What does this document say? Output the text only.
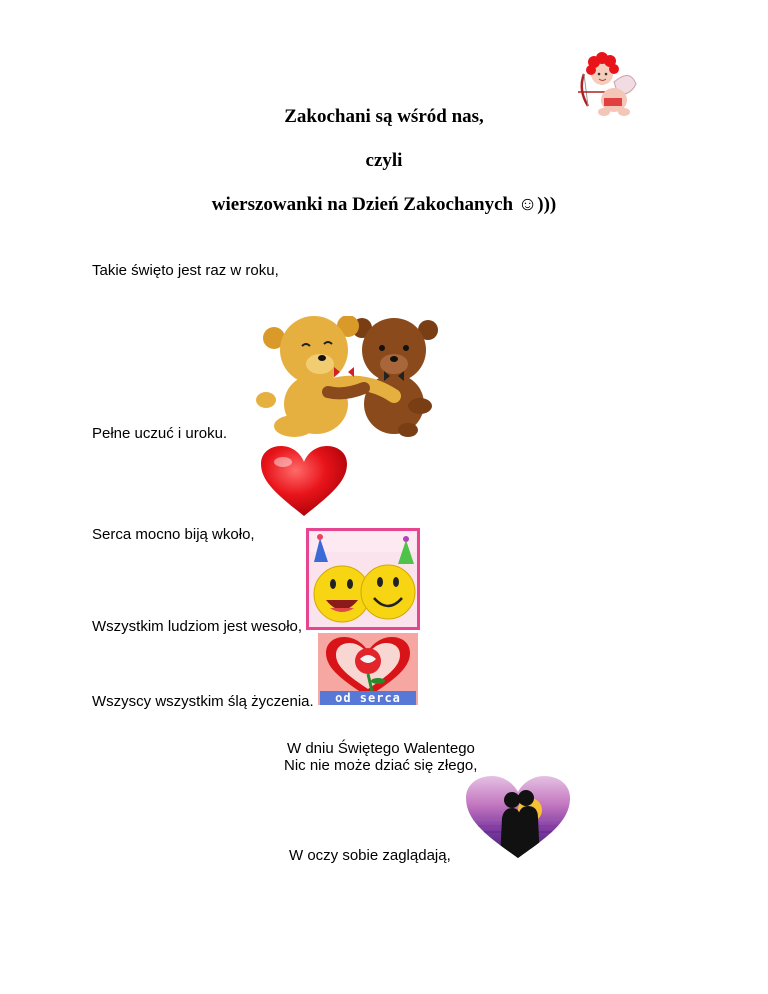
Zakochani są wśród nas,
czyli
wierszowanki na Dzień Zakochanych ☺)))
Takie święto jest raz w roku,
Pełne uczuć i uroku.
Serca mocno biją wkoło,
Wszystkim ludziom jest wesoło,
od serca
Wszyscy wszystkim ślą życzenia.
W dniu Świętego Walentego
Nic nie może dziać się złego,
W oczy sobie zaglądają,
